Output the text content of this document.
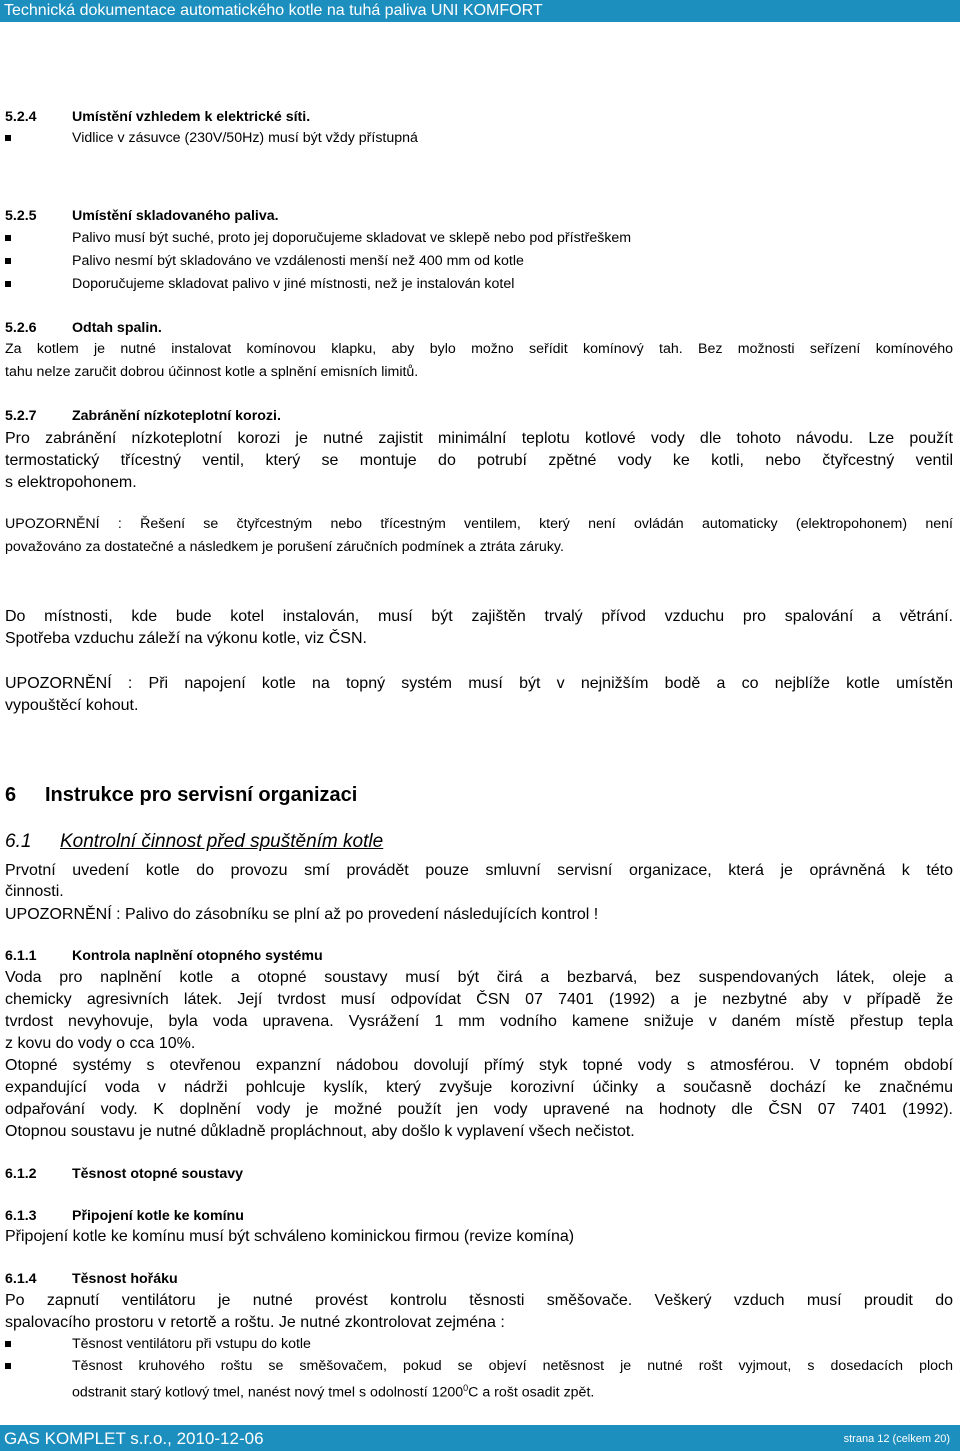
Technická dokumentace automatického kotle na tuhá paliva UNI KOMFORT
5.2.4 Umístění vzhledem k elektrické síti.
Vidlice v zásuvce (230V/50Hz) musí být vždy přístupná
5.2.5 Umístění skladovaného paliva.
Palivo musí být suché, proto jej doporučujeme skladovat ve sklepě nebo pod přístřeškem
Palivo nesmí být skladováno ve vzdálenosti menší než 400 mm od kotle
Doporučujeme skladovat palivo v jiné místnosti, než je instalován kotel
5.2.6 Odtah spalin.
Za kotlem je nutné instalovat komínovou klapku, aby bylo možno seřídit komínový tah. Bez možnosti seřízení komínového
tahu nelze zaručit dobrou účinnost kotle a splnění emisních limitů.
5.2.7 Zabránění nízkoteplotní korozi.
Pro zabránění nízkoteplotní korozi je nutné zajistit minimální teplotu kotlové vody dle tohoto návodu. Lze použít
termostatický třícestný ventil, který se montuje do potrubí zpětné vody ke kotli, nebo čtyřcestný ventil
s elektropohonem.
UPOZORNĚNÍ : Řešení se čtyřcestným nebo třícestným ventilem, který není ovládán automaticky (elektropohonem) není
považováno za dostatečné a následkem je porušení záručních podmínek a ztráta záruky.
Do místnosti, kde bude kotel instalován, musí být zajištěn trvalý přívod vzduchu pro spalování a větrání.
Spotřeba vzduchu záleží na výkonu kotle, viz ČSN.
UPOZORNĚNÍ : Při napojení kotle na topný systém musí být v nejnižším bodě a co nejblíže kotle umístěn
vypouštěcí kohout.
6 Instrukce pro servisní organizaci
6.1 Kontrolní činnost před spuštěním kotle
Prvotní uvedení kotle do provozu smí provádět pouze smluvní servisní organizace, která je oprávněná k této
činnosti.
UPOZORNĚNÍ : Palivo do zásobníku se plní až po provedení následujících kontrol !
6.1.1 Kontrola naplnění otopného systému
Voda pro naplnění kotle a otopné soustavy musí být čirá a bezbarvá, bez suspendovaných látek, oleje a
chemicky agresivních látek. Její tvrdost musí odpovídat ČSN 07 7401 (1992) a je nezbytné aby v případě že
tvrdost nevyhovuje, byla voda upravena. Vysrážení 1 mm vodního kamene snižuje v daném místě přestup tepla
z kovu do vody o cca 10%.
Otopné systémy s otevřenou expanzní nádobou dovolují přímý styk topné vody s atmosférou. V topném období
expandující voda v nádrži pohlcuje kyslík, který zvyšuje korozivní účinky a současně dochází ke značnému
odpařování vody. K doplnění vody je možné použít jen vody upravené na hodnoty dle ČSN 07 7401 (1992).
Otopnou soustavu je nutné důkladně propláchnout, aby došlo k vyplavení všech nečistot.
6.1.2 Těsnost otopné soustavy
6.1.3 Připojení kotle ke komínu
Připojení kotle ke komínu musí být schváleno kominickou firmou (revize komína)
6.1.4 Těsnost hořáku
Po zapnutí ventilátoru je nutné provést kontrolu těsnosti směšovače. Veškerý vzduch musí proudit do
spalovacího prostoru v retortě a roštu. Je nutné zkontrolovat zejména :
Těsnost ventilátoru při vstupu do kotle
Těsnost kruhového roštu se směšovačem, pokud se objeví netěsnost je nutné rošt vyjmout, s dosedacích ploch
odstranit starý kotlový tmel, nanést nový tmel s odolností 1200$^0$C a rošt osadit zpět.
GAS KOMPLET s.r.o., 2010-12-06	strana 12 (celkem 20)
